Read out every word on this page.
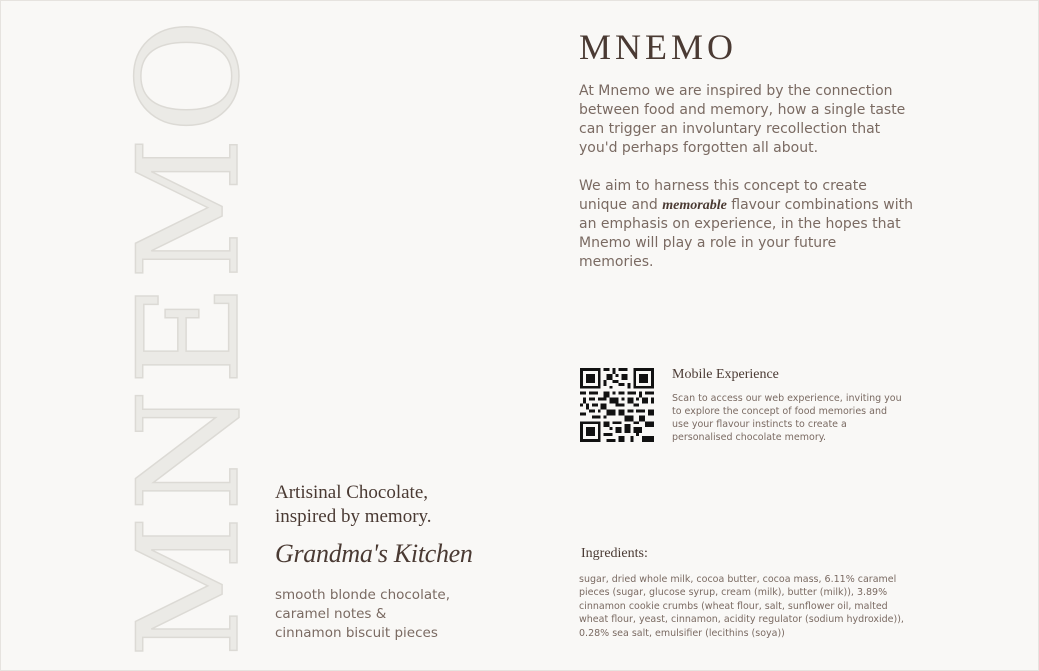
MNEMO	MNEMO

At Mnemo we are inspired by the connection between food and memory, how a single taste can trigger an involuntary recollection that you'd perhaps forgotten all about.

We aim to harness this concept to create unique and memorable flavour combinations with an emphasis on experience, in the hopes that Mnemo will play a role in your future memories.

Mobile Experience
Scan to access our web experience, inviting you to explore the concept of food memories and use your flavour instincts to create a personalised chocolate memory.
Artisinal Chocolate,
inspired by memory.
Grandma's Kitchen
smooth blonde chocolate,
caramel notes &
cinnamon biscuit pieces
Ingredients:
sugar, dried whole milk, cocoa butter, cocoa mass, 6.11% caramel pieces (sugar, glucose syrup, cream (milk), butter (milk)), 3.89% cinnamon cookie crumbs (wheat flour, salt, sunflower oil, malted wheat flour, yeast, cinnamon, acidity regulator (sodium hydroxide)), 0.28% sea salt, emulsifier (lecithins (soya))
